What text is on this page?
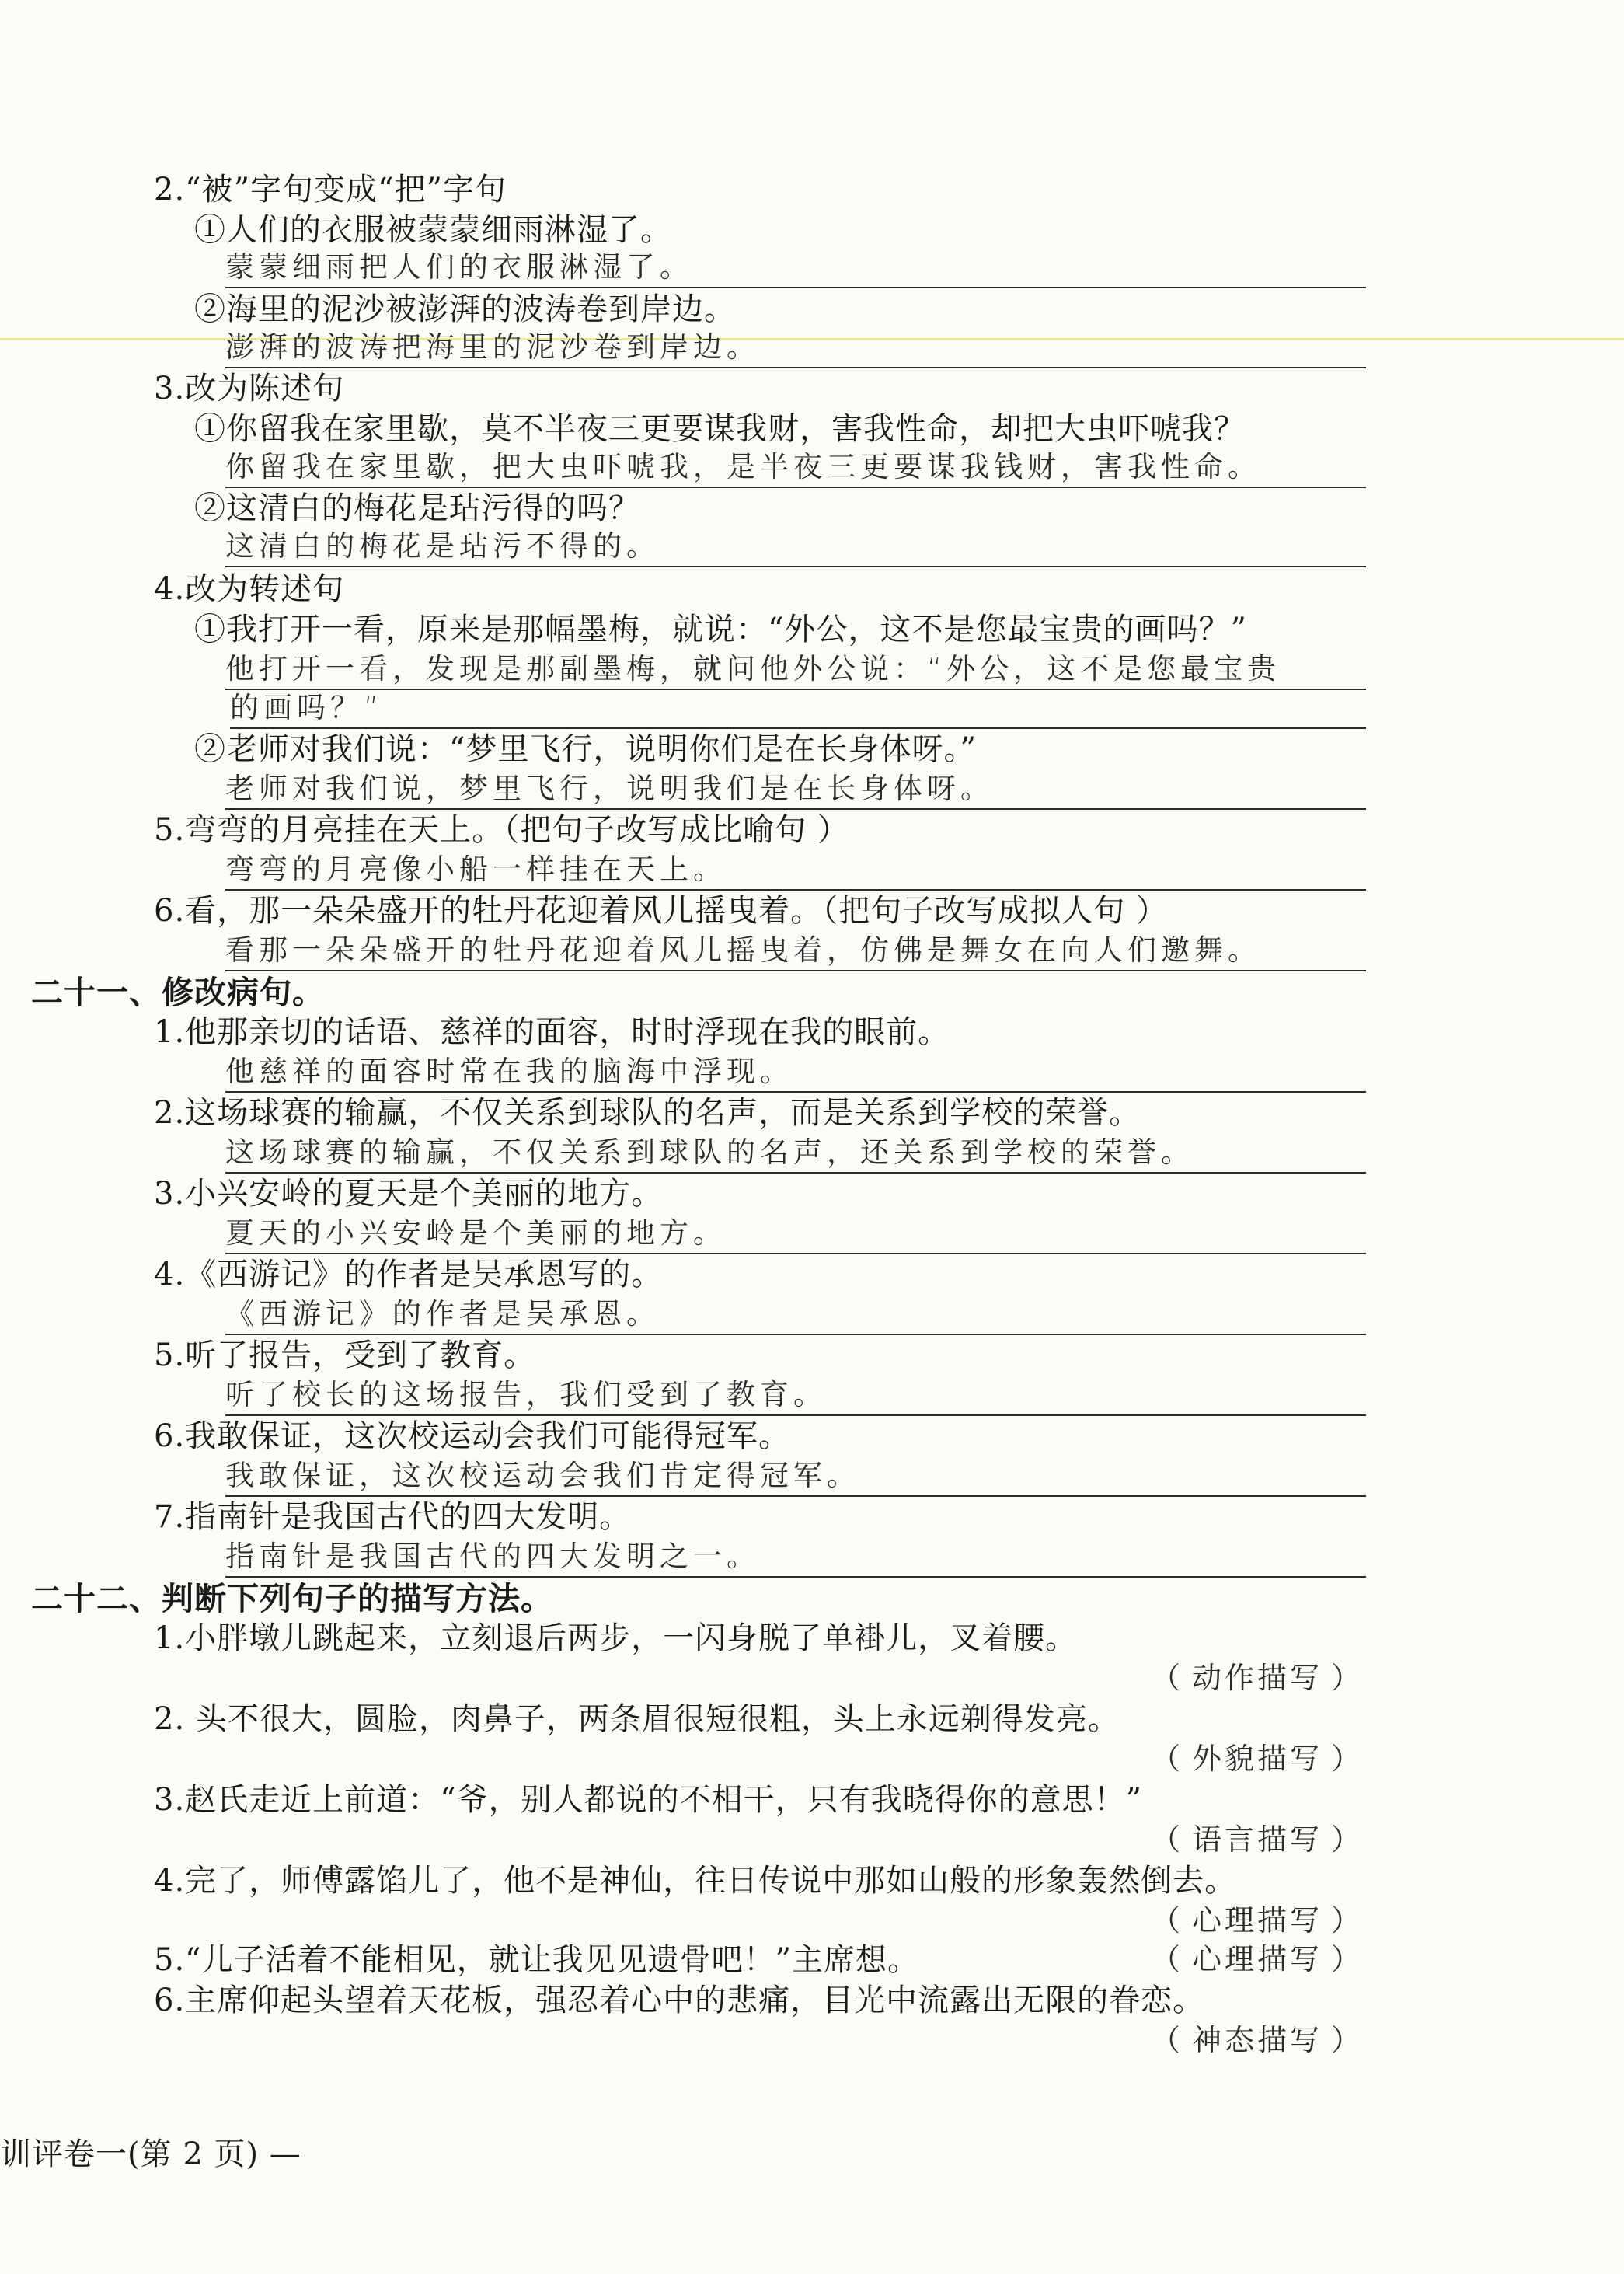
2.“被”字句变成“把”字句
①人们的衣服被蒙蒙细雨淋湿了。
蒙蒙细雨把人们的衣服淋湿了。
②海里的泥沙被澎湃的波涛卷到岸边。
澎湃的波涛把海里的泥沙卷到岸边。
3.改为陈述句
①你留我在家里歇，莫不半夜三更要谋我财，害我性命，却把大虫吓唬我？
你留我在家里歇，把大虫吓唬我，是半夜三更要谋我钱财，害我性命。
②这清白的梅花是玷污得的吗？
这清白的梅花是玷污不得的。
4.改为转述句
①我打开一看，原来是那幅墨梅，就说：“外公，这不是您最宝贵的画吗？”
他打开一看，发现是那副墨梅，就问他外公说：“外公，这不是您最宝贵
的画吗？”
②老师对我们说：“梦里飞行，说明你们是在长身体呀。”
老师对我们说，梦里飞行，说明我们是在长身体呀。
5.弯弯的月亮挂在天上。（把句子改写成比喻句 ）
弯弯的月亮像小船一样挂在天上。
6.看，那一朵朵盛开的牡丹花迎着风儿摇曳着。（把句子改写成拟人句 ）
看那一朵朵盛开的牡丹花迎着风儿摇曳着，仿佛是舞女在向人们邀舞。
二十一、修改病句。
1.他那亲切的话语、慈祥的面容，时时浮现在我的眼前。
他慈祥的面容时常在我的脑海中浮现。
2.这场球赛的输赢，不仅关系到球队的名声，而是关系到学校的荣誉。
这场球赛的输赢，不仅关系到球队的名声，还关系到学校的荣誉。
3.小兴安岭的夏天是个美丽的地方。
夏天的小兴安岭是个美丽的地方。
4.《西游记》的作者是吴承恩写的。
《西游记》的作者是吴承恩。
5.听了报告，受到了教育。
听了校长的这场报告，我们受到了教育。
6.我敢保证，这次校运动会我们可能得冠军。
我敢保证，这次校运动会我们肯定得冠军。
7.指南针是我国古代的四大发明。
指南针是我国古代的四大发明之一。
二十二、判断下列句子的描写方法。
1.小胖墩儿跳起来，立刻退后两步，一闪身脱了单褂儿，叉着腰。
（ 动作描写 ）
2. 头不很大，圆脸，肉鼻子，两条眉很短很粗，头上永远剃得发亮。
（ 外貌描写 ）
3.赵氏走近上前道：“爷，别人都说的不相干，只有我晓得你的意思！”
（ 语言描写 ）
4.完了，师傅露馅儿了，他不是神仙，往日传说中那如山般的形象轰然倒去。
（ 心理描写 ）
5.“儿子活着不能相见，就让我见见遗骨吧！”主席想。	（ 心理描写 ）
6.主席仰起头望着天花板，强忍着心中的悲痛，目光中流露出无限的眷恋。
（ 神态描写 ）
训评卷一(第 2 页) —
